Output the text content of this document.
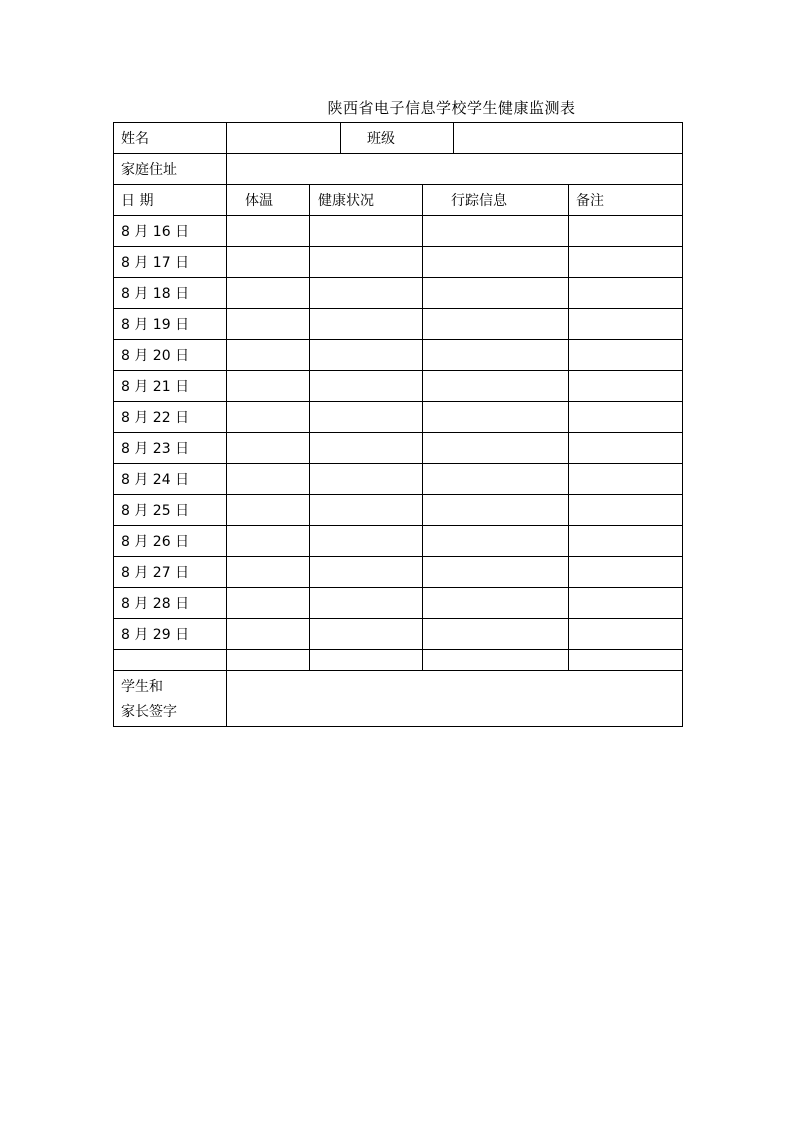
陕西省电子信息学校学生健康监测表
姓名			班级			
家庭住址						
日 期	体温	健康状况		行踪信息		备注
8 月 16 日						
8 月 17 日						
8 月 18 日						
8 月 19 日						
8 月 20 日						
8 月 21 日						
8 月 22 日						
8 月 23 日						
8 月 24 日						
8 月 25 日						
8 月 26 日						
8 月 27 日						
8 月 28 日						
8 月 29 日						

学生和
家长签字						
